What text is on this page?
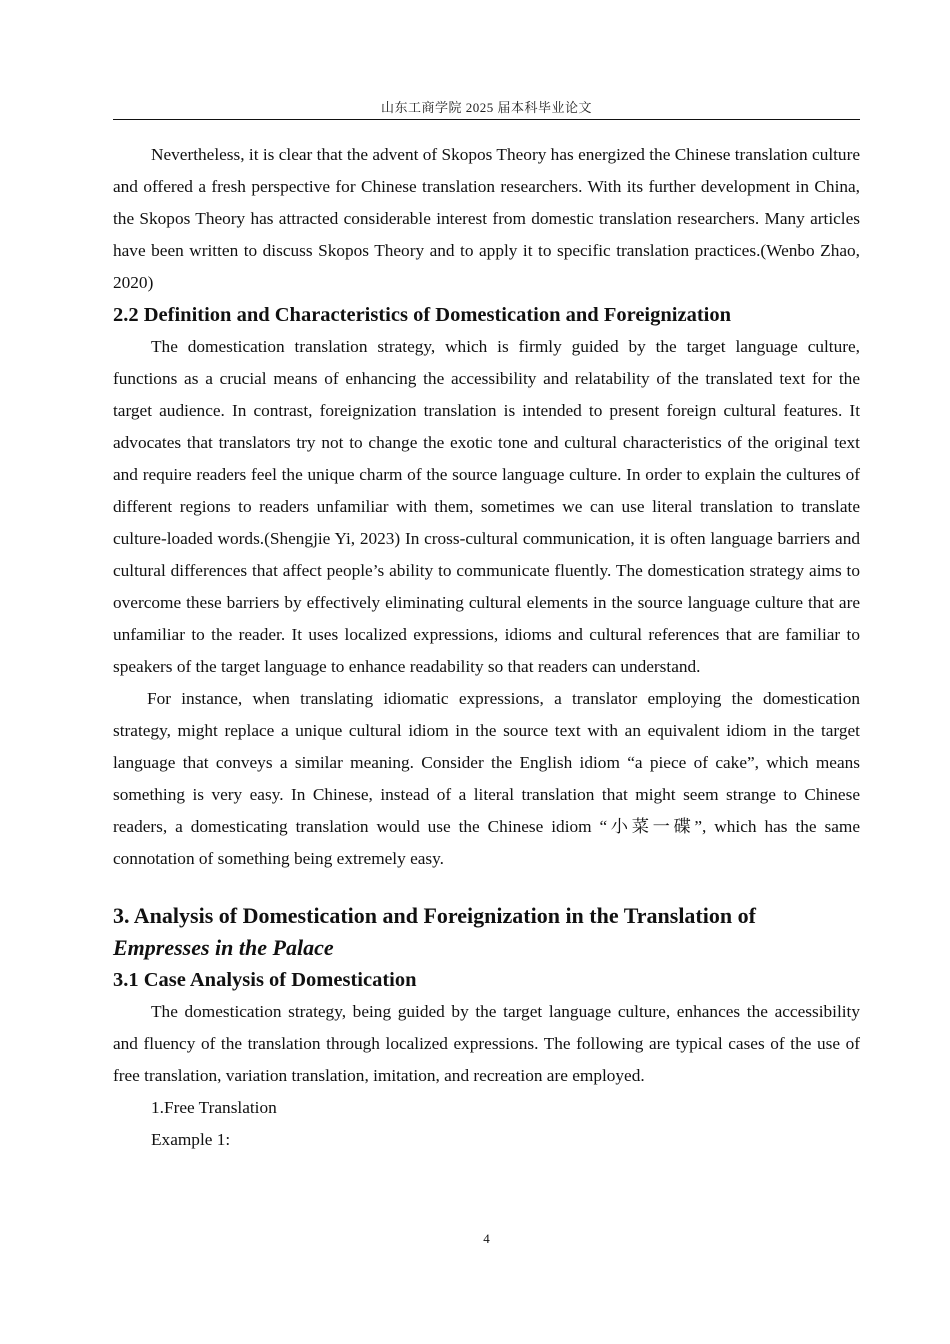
山东工商学院 2025 届本科毕业论文

Nevertheless, it is clear that the advent of Skopos Theory has energized the Chinese translation culture and offered a fresh perspective for Chinese translation researchers. With its further development in China, the Skopos Theory has attracted considerable interest from domestic translation researchers. Many articles have been written to discuss Skopos Theory and to apply it to specific translation practices.(Wenbo Zhao, 2020)

2.2 Definition and Characteristics of Domestication and Foreignization

The domestication translation strategy, which is firmly guided by the target language culture, functions as a crucial means of enhancing the accessibility and relatability of the translated text for the target audience. In contrast, foreignization translation is intended to present foreign cultural features. It advocates that translators try not to change the exotic tone and cultural characteristics of the original text and require readers feel the unique charm of the source language culture. In order to explain the cultures of different regions to readers unfamiliar with them, sometimes we can use literal translation to translate culture-loaded words.(Shengjie Yi, 2023) In cross-cultural communication, it is often language barriers and cultural differences that affect people’s ability to communicate fluently. The domestication strategy aims to overcome these barriers by effectively eliminating cultural elements in the source language culture that are unfamiliar to the reader. It uses localized expressions, idioms and cultural references that are familiar to speakers of the target language to enhance readability so that readers can understand.

For instance, when translating idiomatic expressions, a translator employing the domestication strategy, might replace a unique cultural idiom in the source text with an equivalent idiom in the target language that conveys a similar meaning. Consider the English idiom “a piece of cake”, which means something is very easy. In Chinese, instead of a literal translation that might seem strange to Chinese readers, a domesticating translation would use the Chinese idiom “小菜一碟”, which has the same connotation of something being extremely easy.

3. Analysis of Domestication and Foreignization in the Translation of
Empresses in the Palace
3.1 Case Analysis of Domestication

The domestication strategy, being guided by the target language culture, enhances the accessibility and fluency of the translation through localized expressions. The following are typical cases of the use of free translation, variation translation, imitation, and recreation are employed.

1.Free Translation

Example 1:

4
